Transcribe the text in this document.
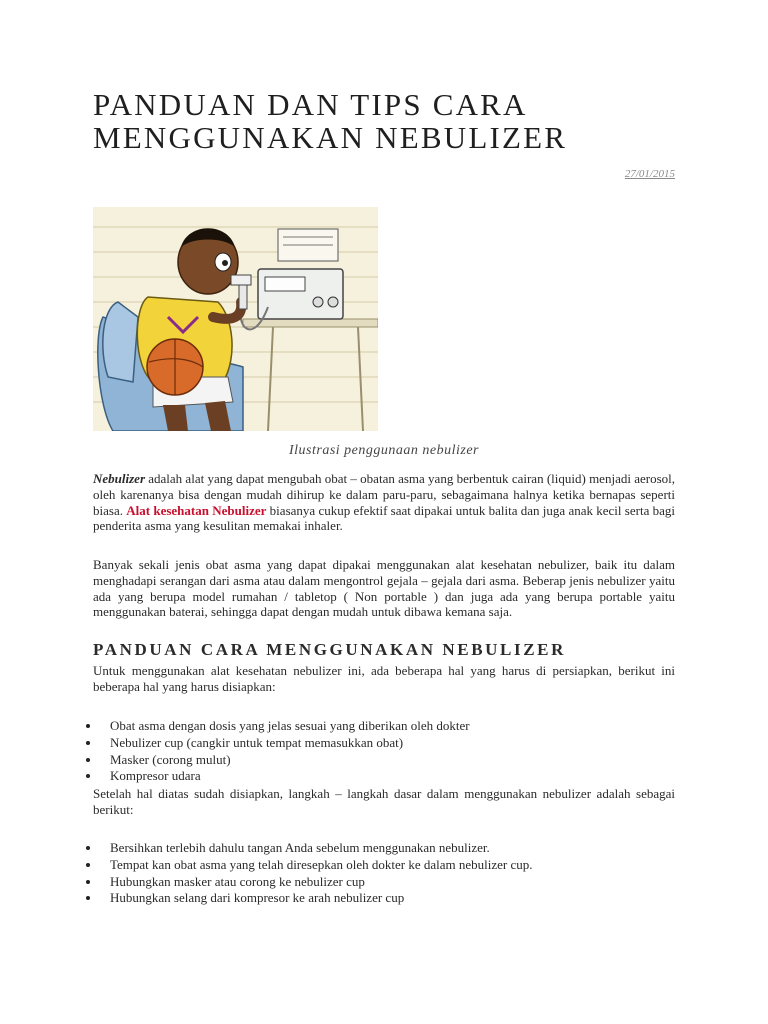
PANDUAN DAN TIPS CARA MENGGUNAKAN NEBULIZER
27/01/2015
Ilustrasi penggunaan nebulizer

Nebulizer adalah alat yang dapat mengubah obat – obatan asma yang berbentuk cairan (liquid) menjadi aerosol, oleh karenanya bisa dengan mudah dihirup ke dalam paru-paru, sebagaimana halnya ketika bernapas seperti biasa. Alat kesehatan Nebulizer biasanya cukup efektif saat dipakai untuk balita dan juga anak kecil serta bagi penderita asma yang kesulitan memakai inhaler.

Banyak sekali jenis obat asma yang dapat dipakai menggunakan alat kesehatan nebulizer, baik itu dalam menghadapi serangan dari asma atau dalam mengontrol gejala – gejala dari asma. Beberap jenis nebulizer yaitu ada yang berupa model rumahan / tabletop ( Non portable ) dan juga ada yang berupa portable yaitu menggunakan baterai, sehingga dapat dengan mudah untuk dibawa kemana saja.

PANDUAN CARA MENGGUNAKAN NEBULIZER

Untuk menggunakan alat kesehatan nebulizer ini, ada beberapa hal yang harus di persiapkan, berikut ini beberapa hal yang harus disiapkan:

Obat asma dengan dosis yang jelas sesuai yang diberikan oleh dokter
Nebulizer cup (cangkir untuk tempat memasukkan obat)
Masker (corong mulut)
Kompresor udara

Setelah hal diatas sudah disiapkan, langkah – langkah dasar dalam menggunakan nebulizer adalah sebagai berikut:

Bersihkan terlebih dahulu tangan Anda sebelum menggunakan nebulizer.
Tempat kan obat asma yang telah diresepkan oleh dokter ke dalam nebulizer cup.
Hubungkan masker atau corong ke nebulizer cup
Hubungkan selang dari kompresor ke arah nebulizer cup
